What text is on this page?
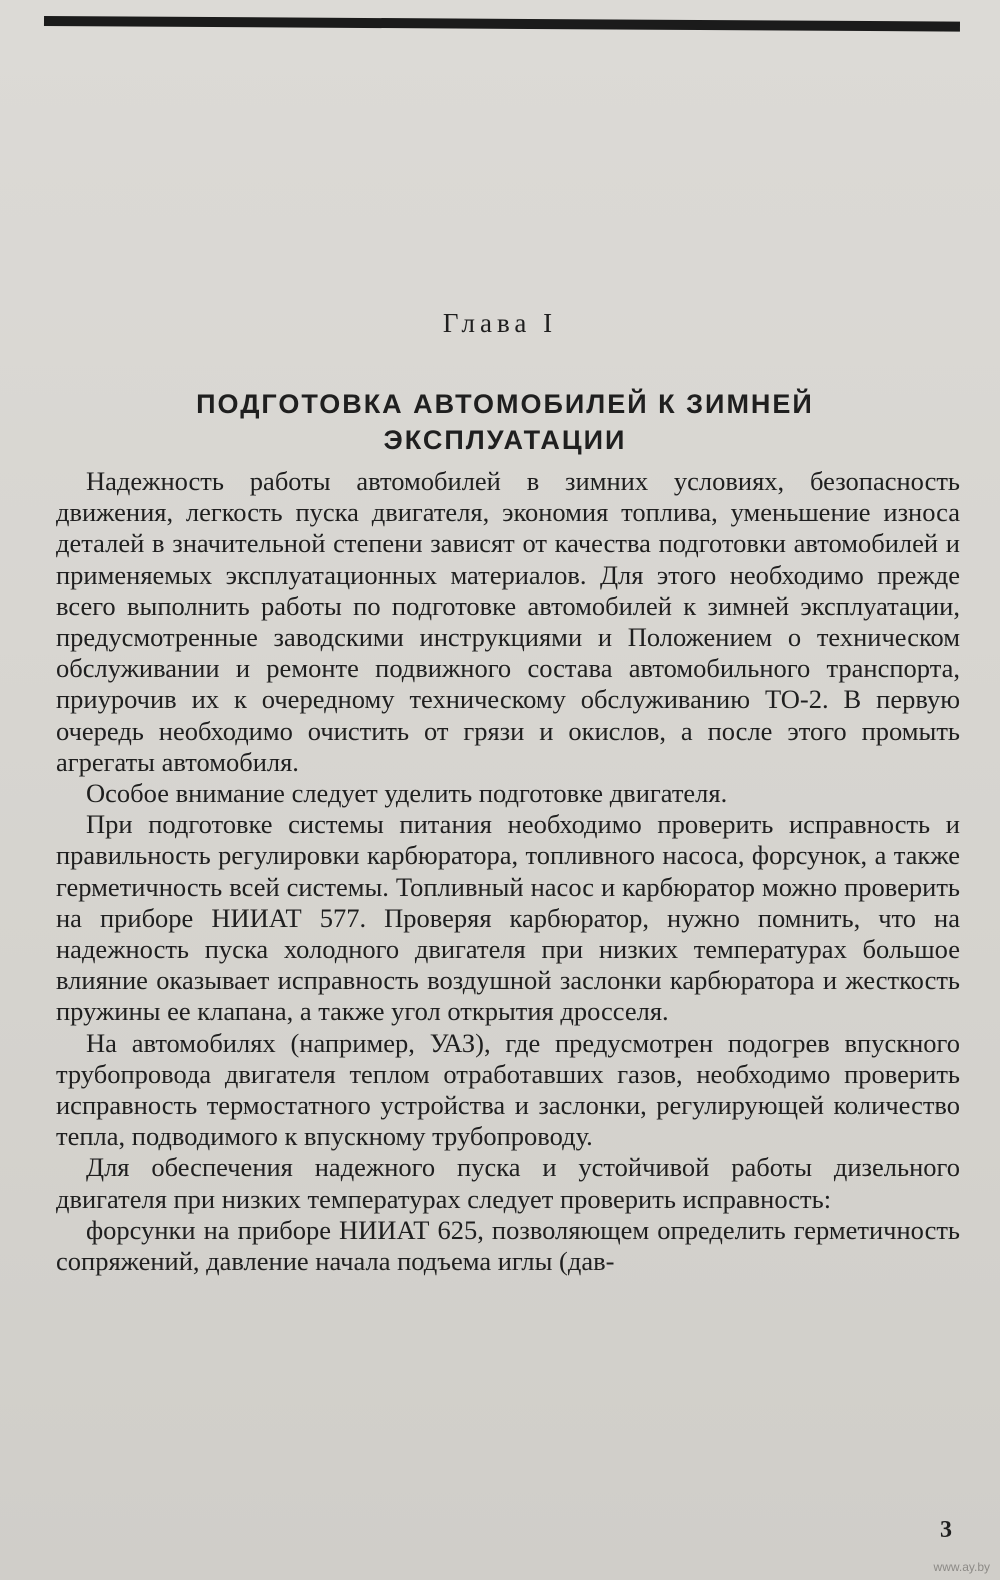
Глава I
ПОДГОТОВКА АВТОМОБИЛЕЙ К ЗИМНЕЙ
ЭКСПЛУАТАЦИИ

Надежность работы автомобилей в зимних условиях, безопасность движения, легкость пуска двигателя, экономия топлива, уменьшение износа деталей в значительной степени зависят от качества подготовки автомобилей и применяемых эксплуатационных материалов. Для этого необходимо прежде всего выполнить работы по подготовке автомобилей к зимней эксплуатации, предусмотренные заводскими инструкциями и Положением о техническом обслуживании и ремонте подвижного состава автомобильного транспорта, приурочив их к очередному техническому обслуживанию ТО-2. В первую очередь необходимо очистить от грязи и окислов, а после этого промыть агрегаты автомобиля.

Особое внимание следует уделить подготовке двигателя.

При подготовке системы питания необходимо проверить исправность и правильность регулировки карбюратора, топливного насоса, форсунок, а также герметичность всей системы. Топливный насос и карбюратор можно проверить на приборе НИИАТ 577. Проверяя карбюратор, нужно помнить, что на надежность пуска холодного двигателя при низких температурах большое влияние оказывает исправность воздушной заслонки карбюратора и жесткость пружины ее клапана, а также угол открытия дросселя.

На автомобилях (например, УАЗ), где предусмотрен подогрев впускного трубопровода двигателя теплом отработавших газов, необходимо проверить исправность термостатного устройства и заслонки, регулирующей количество тепла, подводимого к впускному трубопроводу.

Для обеспечения надежного пуска и устойчивой работы дизельного двигателя при низких температурах следует проверить исправность:

форсунки на приборе НИИАТ 625, позволяющем определить герметичность сопряжений, давление начала подъема иглы (дав-

3
www.ay.by
